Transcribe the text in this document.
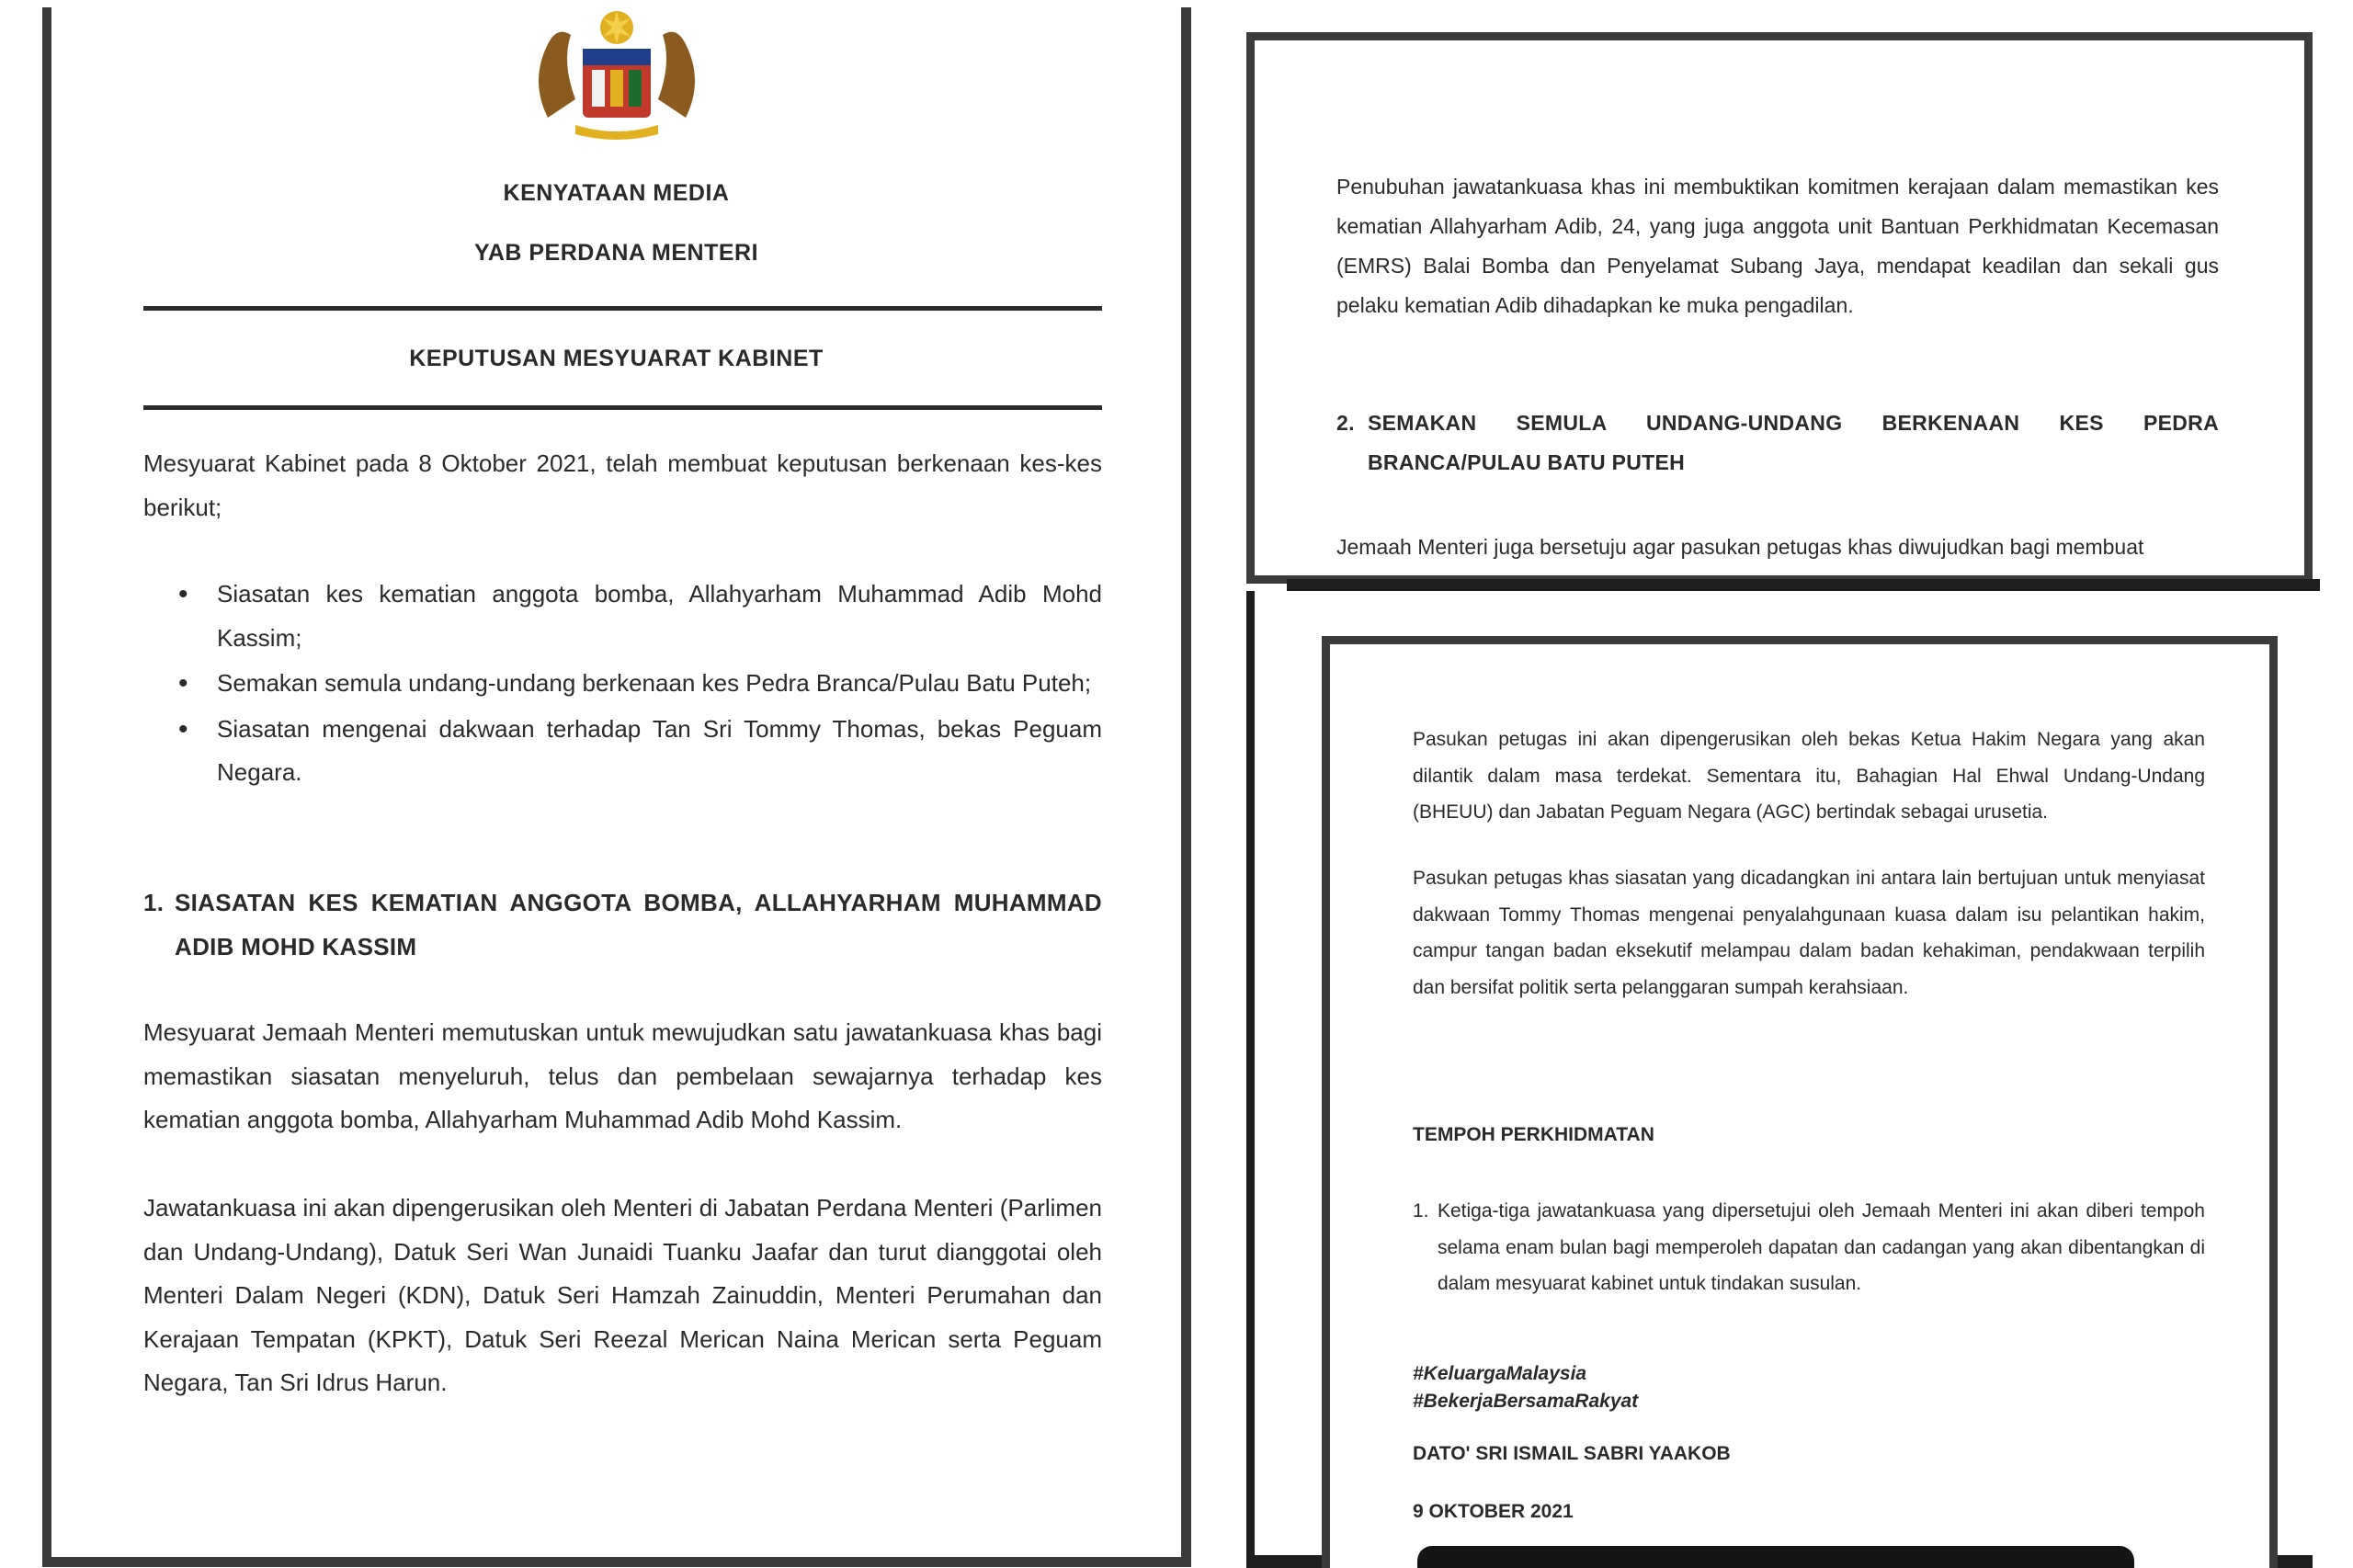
KENYATAAN MEDIA
YAB PERDANA MENTERI
KEPUTUSAN MESYUARAT KABINET
Mesyuarat Kabinet pada 8 Oktober 2021, telah membuat keputusan berkenaan kes-kes berikut;
• Siasatan kes kematian anggota bomba, Allahyarham Muhammad Adib Mohd Kassim;
• Semakan semula undang-undang berkenaan kes Pedra Branca/Pulau Batu Puteh;
• Siasatan mengenai dakwaan terhadap Tan Sri Tommy Thomas, bekas Peguam Negara.
1. SIASATAN KES KEMATIAN ANGGOTA BOMBA, ALLAHYARHAM MUHAMMAD ADIB MOHD KASSIM
Mesyuarat Jemaah Menteri memutuskan untuk mewujudkan satu jawatankuasa khas bagi memastikan siasatan menyeluruh, telus dan pembelaan sewajarnya terhadap kes kematian anggota bomba, Allahyarham Muhammad Adib Mohd Kassim.
Jawatankuasa ini akan dipengerusikan oleh Menteri di Jabatan Perdana Menteri (Parlimen dan Undang-Undang), Datuk Seri Wan Junaidi Tuanku Jaafar dan turut dianggotai oleh Menteri Dalam Negeri (KDN), Datuk Seri Hamzah Zainuddin, Menteri Perumahan dan Kerajaan Tempatan (KPKT), Datuk Seri Reezal Merican Naina Merican serta Peguam Negara, Tan Sri Idrus Harun.
Penubuhan jawatankuasa khas ini membuktikan komitmen kerajaan dalam memastikan kes kematian Allahyarham Adib, 24, yang juga anggota unit Bantuan Perkhidmatan Kecemasan (EMRS) Balai Bomba dan Penyelamat Subang Jaya, mendapat keadilan dan sekali gus pelaku kematian Adib dihadapkan ke muka pengadilan.
2. SEMAKAN SEMULA UNDANG-UNDANG BERKENAAN KES PEDRA BRANCA/PULAU BATU PUTEH
Jemaah Menteri juga bersetuju agar pasukan petugas khas diwujudkan bagi membuat
Pasukan petugas ini akan dipengerusikan oleh bekas Ketua Hakim Negara yang akan dilantik dalam masa terdekat. Sementara itu, Bahagian Hal Ehwal Undang-Undang (BHEUU) dan Jabatan Peguam Negara (AGC) bertindak sebagai urusetia.
Pasukan petugas khas siasatan yang dicadangkan ini antara lain bertujuan untuk menyiasat dakwaan Tommy Thomas mengenai penyalahgunaan kuasa dalam isu pelantikan hakim, campur tangan badan eksekutif melampau dalam badan kehakiman, pendakwaan terpilih dan bersifat politik serta pelanggaran sumpah kerahsiaan.
TEMPOH PERKHIDMATAN
1. Ketiga-tiga jawatankuasa yang dipersetujui oleh Jemaah Menteri ini akan diberi tempoh selama enam bulan bagi memperoleh dapatan dan cadangan yang akan dibentangkan di dalam mesyuarat kabinet untuk tindakan susulan.
#KeluargaMalaysia
#BekerjaBersamaRakyat
DATO' SRI ISMAIL SABRI YAAKOB
9 OKTOBER 2021
